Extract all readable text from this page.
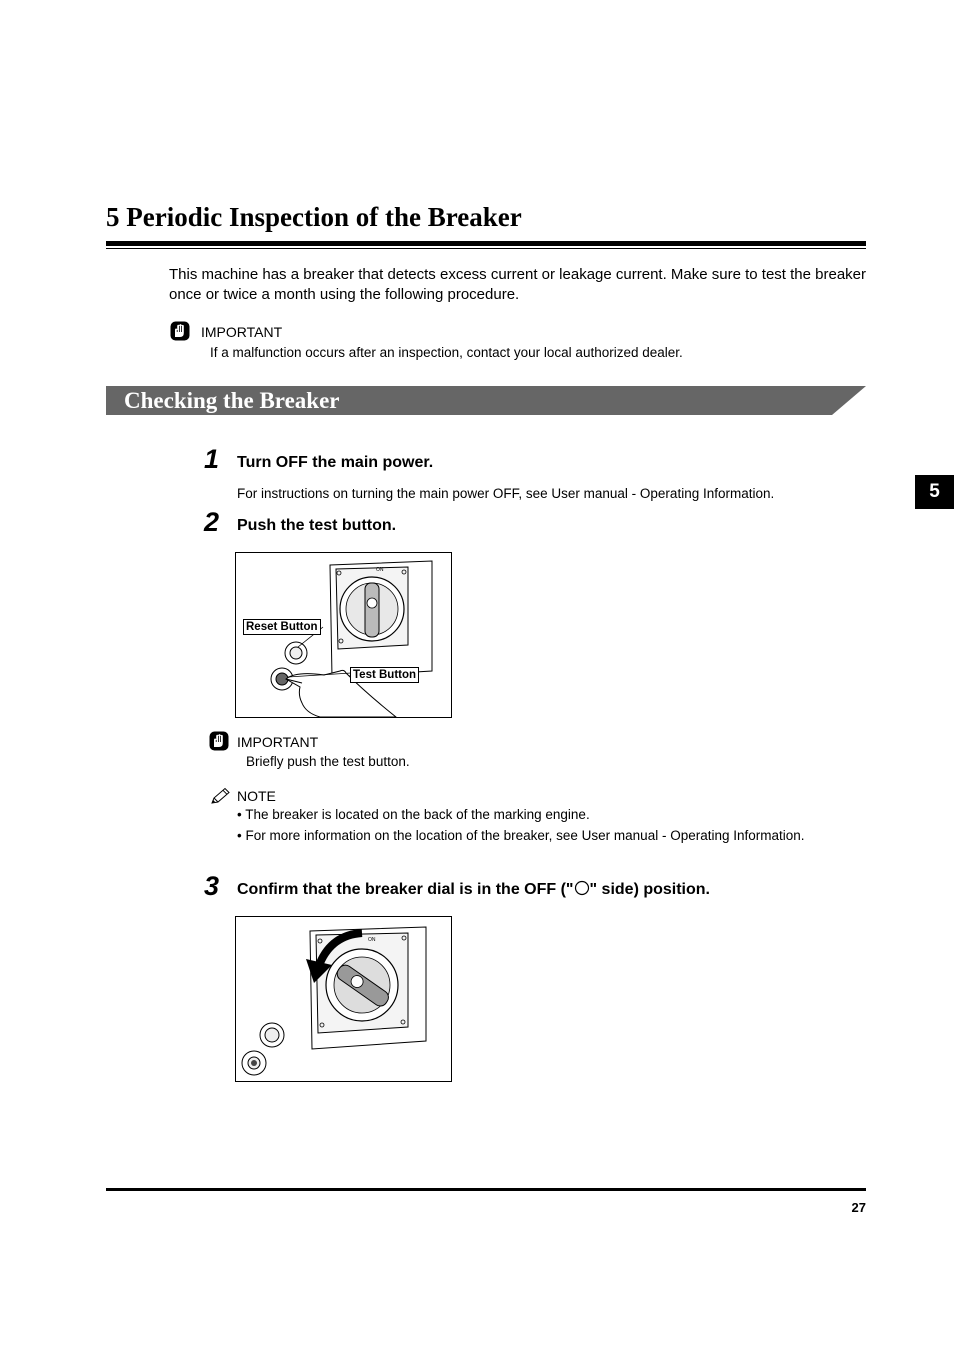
5 Periodic Inspection of the Breaker
This machine has a breaker that detects excess current or leakage current. Make sure to test the breaker once or twice a month using the following procedure.
IMPORTANT
If a malfunction occurs after an inspection, contact your local authorized dealer.
Checking the Breaker
5
1 Turn OFF the main power.
For instructions on turning the main power OFF, see User manual - Operating Information.
2 Push the test button.
ON
Reset Button
Test Button
IMPORTANT
Briefly push the test button.
NOTE
• The breaker is located on the back of the marking engine.
• For more information on the location of the breaker, see User manual - Operating Information.
3 Confirm that the breaker dial is in the OFF (" " side) position.
ON
27
